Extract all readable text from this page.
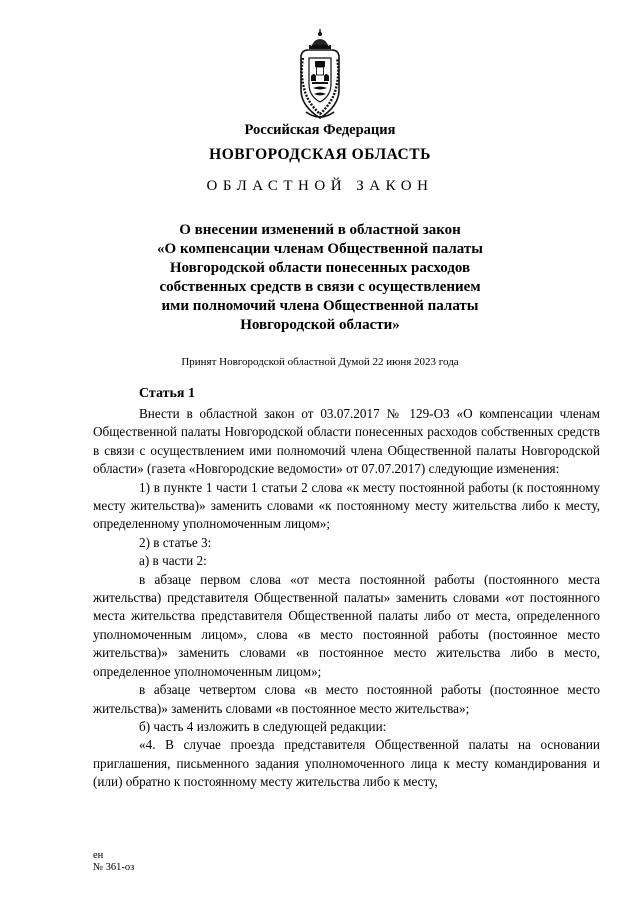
Российская Федерация
НОВГОРОДСКАЯ ОБЛАСТЬ
ОБЛАСТНОЙ ЗАКОН
О внесении изменений в областной закон
«О компенсации членам Общественной палаты
Новгородской области понесенных расходов
собственных средств в связи с осуществлением
ими полномочий члена Общественной палаты
Новгородской области»
Принят Новгородской областной Думой 22 июня 2023 года
Статья 1

Внести в областной закон от 03.07.2017 № 129-ОЗ «О компенсации членам Общественной палаты Новгородской области понесенных расходов собственных средств в связи с осуществлением ими полномочий члена Общественной палаты Новгородской области» (газета «Новгородские ведомости» от 07.07.2017) следующие изменения:

1) в пункте 1 части 1 статьи 2 слова «к месту постоянной работы (к постоянному месту жительства)» заменить словами «к постоянному месту жительства либо к месту, определенному уполномоченным лицом»;

2) в статье 3:

а) в части 2:

в абзаце первом слова «от места постоянной работы (постоянного места жительства) представителя Общественной палаты» заменить словами «от постоянного места жительства представителя Общественной палаты либо от места, определенного уполномоченным лицом», слова «в место постоянной работы (постоянное место жительства)» заменить словами «в постоянное место жительства либо в место, определенное уполномоченным лицом»;

в абзаце четвертом слова «в место постоянной работы (постоянное место жительства)» заменить словами «в постоянное место жительства»;

б) часть 4 изложить в следующей редакции:

«4. В случае проезда представителя Общественной палаты на основании приглашения, письменного задания уполномоченного лица к месту командирования и (или) обратно к постоянному месту жительства либо к месту,

ен
№ 361-оз
